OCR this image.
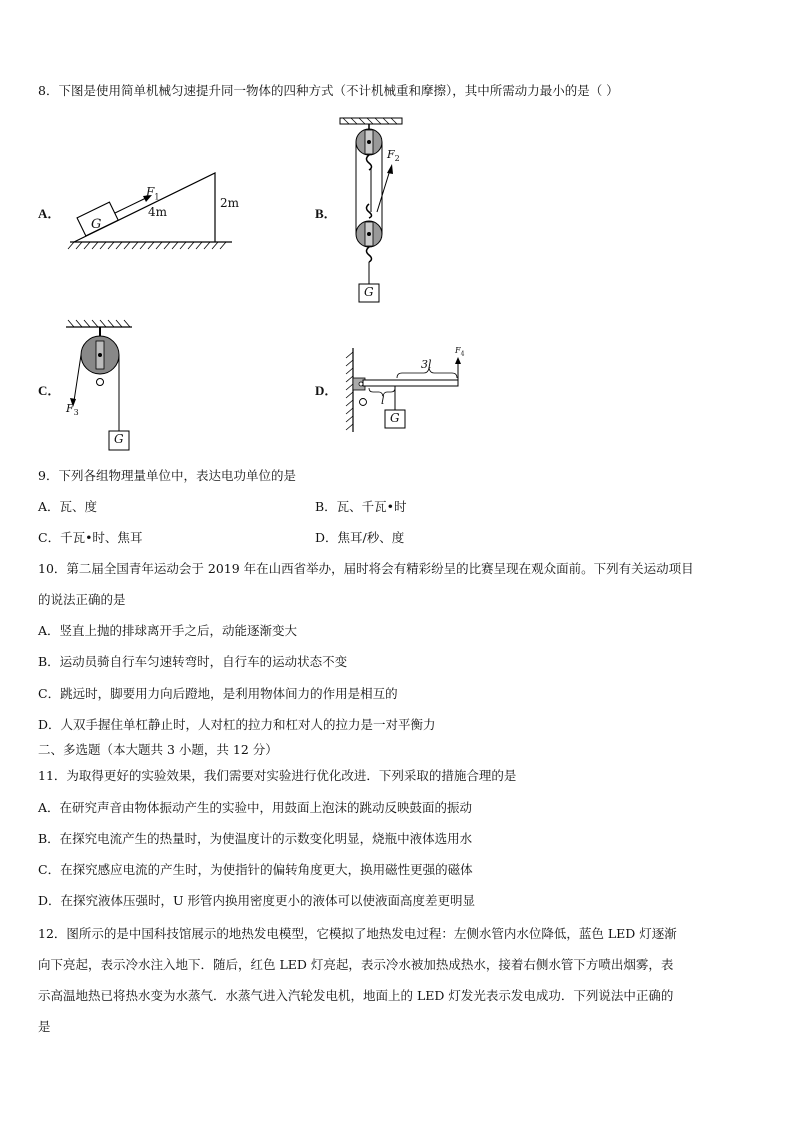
8．下图是使用简单机械匀速提升同一物体的四种方式（不计机械重和摩擦），其中所需动力最小的是（ ）
A．
G
$F_1$
4m
2m
B．
$F_2$
G
C．
$F_3$
G
D．
$F_4$
3l
l
G
9．下列各组物理量单位中，表达电功单位的是
A．瓦、度	B．瓦、千瓦•时
C．千瓦•时、焦耳	D．焦耳/秒、度
10．第二届全国青年运动会于 2019 年在山西省举办，届时将会有精彩纷呈的比赛呈现在观众面前。下列有关运动项目
的说法正确的是
A．竖直上抛的排球离开手之后，动能逐渐变大
B．运动员骑自行车匀速转弯时，自行车的运动状态不变
C．跳远时，脚要用力向后蹬地，是利用物体间力的作用是相互的
D．人双手握住单杠静止时，人对杠的拉力和杠对人的拉力是一对平衡力
二、多选题（本大题共 3 小题，共 12 分）
11．为取得更好的实验效果，我们需要对实验进行优化改进．下列采取的措施合理的是
A．在研究声音由物体振动产生的实验中，用鼓面上泡沫的跳动反映鼓面的振动
B．在探究电流产生的热量时，为使温度计的示数变化明显，烧瓶中液体选用水
C．在探究感应电流的产生时，为使指针的偏转角度更大，换用磁性更强的磁体
D．在探究液体压强时，U 形管内换用密度更小的液体可以使液面高度差更明显
12．图所示的是中国科技馆展示的地热发电模型，它模拟了地热发电过程：左侧水管内水位降低，蓝色 LED 灯逐渐
向下亮起，表示冷水注入地下．随后，红色 LED 灯亮起，表示冷水被加热成热水，接着右侧水管下方喷出烟雾，表
示高温地热已将热水变为水蒸气．水蒸气进入汽轮发电机，地面上的 LED 灯发光表示发电成功．下列说法中正确的
是
